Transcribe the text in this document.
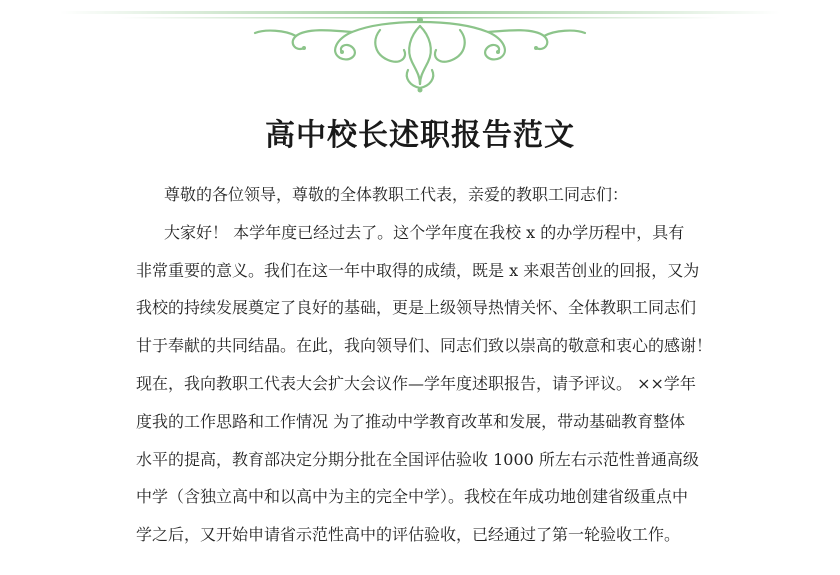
高中校长述职报告范文
尊敬的各位领导，尊敬的全体教职工代表，亲爱的教职工同志们：
大家好！ 本学年度已经过去了。这个学年度在我校 x 的办学历程中，具有
非常重要的意义。我们在这一年中取得的成绩，既是 x 来艰苦创业的回报，又为
我校的持续发展奠定了良好的基础，更是上级领导热情关怀、全体教职工同志们
甘于奉献的共同结晶。在此，我向领导们、同志们致以崇高的敬意和衷心的感谢！
现在，我向教职工代表大会扩大会议作—学年度述职报告，请予评议。 ××学年
度我的工作思路和工作情况 为了推动中学教育改革和发展，带动基础教育整体
水平的提高，教育部决定分期分批在全国评估验收 1000 所左右示范性普通高级
中学（含独立高中和以高中为主的完全中学）。我校在年成功地创建省级重点中
学之后，又开始申请省示范性高中的评估验收，已经通过了第一轮验收工作。
